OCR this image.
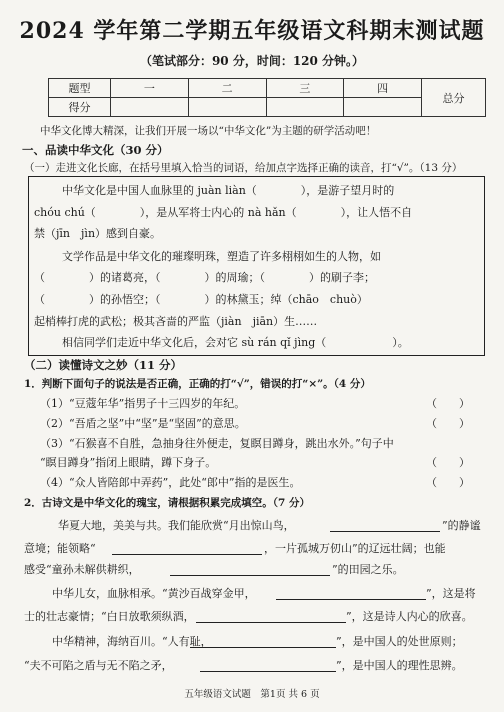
2024 学年第二学期五年级语文科期末测试题
（笔试部分：90 分，时间：120 分钟。）
题型	一	二	三	四	总分
得分					
中华文化博大精深，让我们开展一场以“中华文化”为主题的研学活动吧！
一、品读中华文化（30 分）
（一）走进文化长廊，在括号里填入恰当的词语，给加点字选择正确的读音，打“√”。（13 分）
中华文化是中国人血脉里的 juàn liàn（　　　　），是游子望月时的
chóu chú（　　　　），是从军将士内心的 nà hǎn（　　　　），让人悟不自
禁（jīn　jìn）感到自豪。
文学作品是中华文化的璀璨明珠，塑造了许多栩栩如生的人物，如
（　　　　）的诸葛亮，（　　　　）的周瑜；（　　　　）的刷子李；
（　　　　）的孙悟空；（　　　　）的林黛玉；绰（chāo　chuò）
起梢棒打虎的武松；极其吝啬的严监（jiàn　jiān）生……
相信同学们走近中华文化后，会对它 sù rán qǐ jìng（　　　　　　）。
（二）读懂诗文之妙（11 分）
1．判断下面句子的说法是否正确，正确的打“√”，错误的打“×”。（4 分）
（1）“豆蔻年华”指男子十三四岁的年纪。	（　　）
（2）“吾盾之坚”中“坚”是“坚固”的意思。	（　　）
（3）“石猴喜不自胜，急抽身往外便走，复瞑目蹲身，跳出水外。”句子中
“瞑目蹲身”指闭上眼睛，蹲下身子。	（　　）
（4）“众人皆陪郎中弄药”，此处“郎中”指的是医生。	（　　）
2．古诗文是中华文化的瑰宝，请根据积累完成填空。（7 分）
华夏大地，美美与共。我们能欣赏“月出惊山鸟，	”的静谧
意境；能领略“	，一片孤城万仞山”的辽远壮阔；也能
感受“童孙未解供耕织，	”的田园之乐。
中华儿女，血脉相承。“黄沙百战穿金甲，	”，这是将
士的壮志豪情；“白日放歌须纵酒，	”，这是诗人内心的欣喜。
中华精神，海纳百川。“人有耻，	”，是中国人的处世原则；
“夫不可陷之盾与无不陷之矛，	”，是中国人的理性思辨。
五年级语文试题　第1页 共 6 页
